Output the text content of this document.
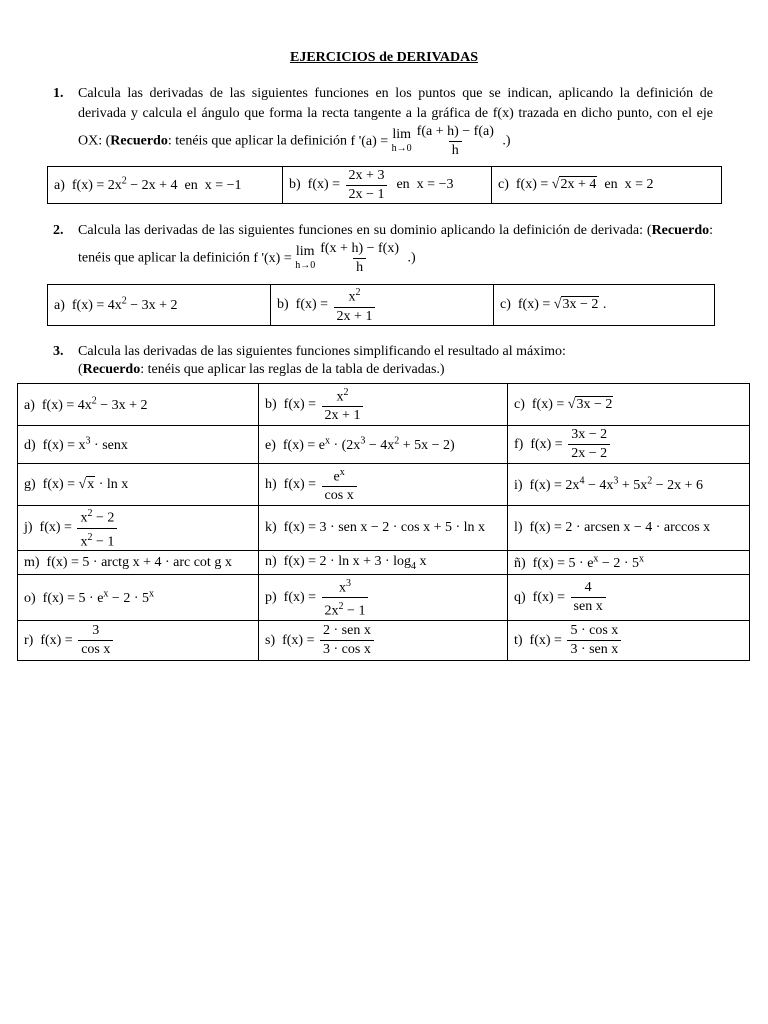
EJERCICIOS de DERIVADAS
1. Calcula las derivadas de las siguientes funciones en los puntos que se indican, aplicando la definición de derivada y calcula el ángulo que forma la recta tangente a la gráfica de f(x) trazada en dicho punto, con el eje OX: (Recuerdo: tenéis que aplicar la definición f '(a) = lim
$h\to 0 \frac{f(a + h) - f(a)}{h}$ .)
a)  $f(x) = 2x^2 - 2x + 4$  en  x = −1	b)  $f(x) = \frac{2x + 3}{2x - 1}$ en  x = −3	c)  f(x) = √2x + 4  en  x = 2
2. Calcula las derivadas de las siguientes funciones en su dominio aplicando la definición de derivada: (Recuerdo: tenéis que aplicar la definición f '(x) = lim
$h\to 0 \frac{f(x + h) - f(x)}{h}$ .)
a)  $f(x) = 4x^2 - 3x + 2$	b)  $f(x) = \frac{x^2}{2x + 1}$	c)  f(x) = √3x − 2 .
3. Calcula las derivadas de las siguientes funciones simplificando el resultado al máximo:
(Recuerdo: tenéis que aplicar las reglas de la tabla de derivadas.)
a)  $f(x) = 4x^2 - 3x + 2$	b)  $f(x) = \frac{x^2}{2x + 1}$	c)  f(x) = √3x − 2
d)  $f(x) = x^3$ · senx	e)  $f(x) = e^x \cdot (2x^3 - 4x^2 + 5x - 2)$	f)  $f(x) = \frac{3x - 2}{2x - 2}$

g)  f(x) = √x · ln x	h)  $f(x) = \frac{e^x}{\text{cos x}}$	i)  $f(x) = 2x^4 - 4x^3 + 5x^2 - 2x + 6$
j)  $f(x) = \frac{x^2 - 2}{x^2 - 1}$	k)  f(x) = 3 · sen x − 2 · cos x + 5 · ln x	l)  f(x) = 2 · arcsen x − 4 · arccos x
m)  f(x) = 5 · arctg x + 4 · arc cot g x	n)  $f(x) = 2 \cdot \ln x + 3 \cdot \log_4 x$	ñ)  $f(x) = 5 \cdot e^x - 2 \cdot 5^x$
o)  $f(x) = 5 \cdot e^x - 2 \cdot 5^x$	p)  $f(x) = \frac{x^3}{2x^2 - 1}$	q)  $f(x) = \frac{4}{\text{sen x}}$

r)  $f(x) = \frac{3}{\text{cos x}}$	s)  $f(x) = \frac{\text{2 · sen x}}{\text{3 · cos x}}$	t)  $f(x) = \frac{\text{5 · cos x}}{\text{3 · sen x}}$
